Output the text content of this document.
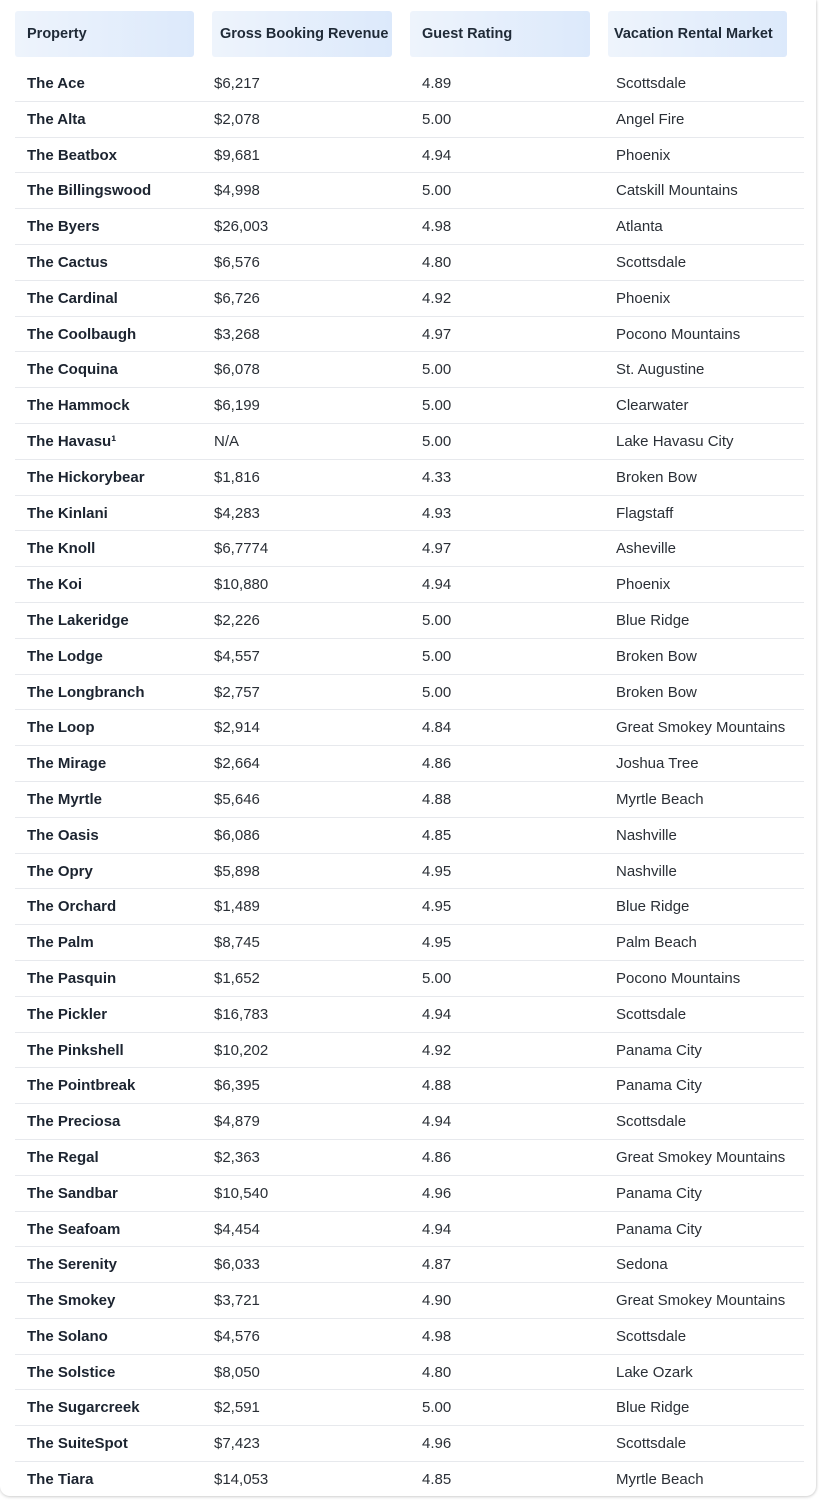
Property	Gross Booking Revenue	Guest Rating	Vacation Rental Market
The Ace	$6,217	4.89	Scottsdale
The Alta	$2,078	5.00	Angel Fire
The Beatbox	$9,681	4.94	Phoenix
The Billingswood	$4,998	5.00	Catskill Mountains
The Byers	$26,003	4.98	Atlanta
The Cactus	$6,576	4.80	Scottsdale
The Cardinal	$6,726	4.92	Phoenix
The Coolbaugh	$3,268	4.97	Pocono Mountains
The Coquina	$6,078	5.00	St. Augustine
The Hammock	$6,199	5.00	Clearwater
The Havasu¹	N/A	5.00	Lake Havasu City
The Hickorybear	$1,816	4.33	Broken Bow
The Kinlani	$4,283	4.93	Flagstaff
The Knoll	$6,7774	4.97	Asheville
The Koi	$10,880	4.94	Phoenix
The Lakeridge	$2,226	5.00	Blue Ridge
The Lodge	$4,557	5.00	Broken Bow
The Longbranch	$2,757	5.00	Broken Bow
The Loop	$2,914	4.84	Great Smokey Mountains
The Mirage	$2,664	4.86	Joshua Tree
The Myrtle	$5,646	4.88	Myrtle Beach
The Oasis	$6,086	4.85	Nashville
The Opry	$5,898	4.95	Nashville
The Orchard	$1,489	4.95	Blue Ridge
The Palm	$8,745	4.95	Palm Beach
The Pasquin	$1,652	5.00	Pocono Mountains
The Pickler	$16,783	4.94	Scottsdale
The Pinkshell	$10,202	4.92	Panama City
The Pointbreak	$6,395	4.88	Panama City
The Preciosa	$4,879	4.94	Scottsdale
The Regal	$2,363	4.86	Great Smokey Mountains
The Sandbar	$10,540	4.96	Panama City
The Seafoam	$4,454	4.94	Panama City
The Serenity	$6,033	4.87	Sedona
The Smokey	$3,721	4.90	Great Smokey Mountains
The Solano	$4,576	4.98	Scottsdale
The Solstice	$8,050	4.80	Lake Ozark
The Sugarcreek	$2,591	5.00	Blue Ridge
The SuiteSpot	$7,423	4.96	Scottsdale
The Tiara	$14,053	4.85	Myrtle Beach
